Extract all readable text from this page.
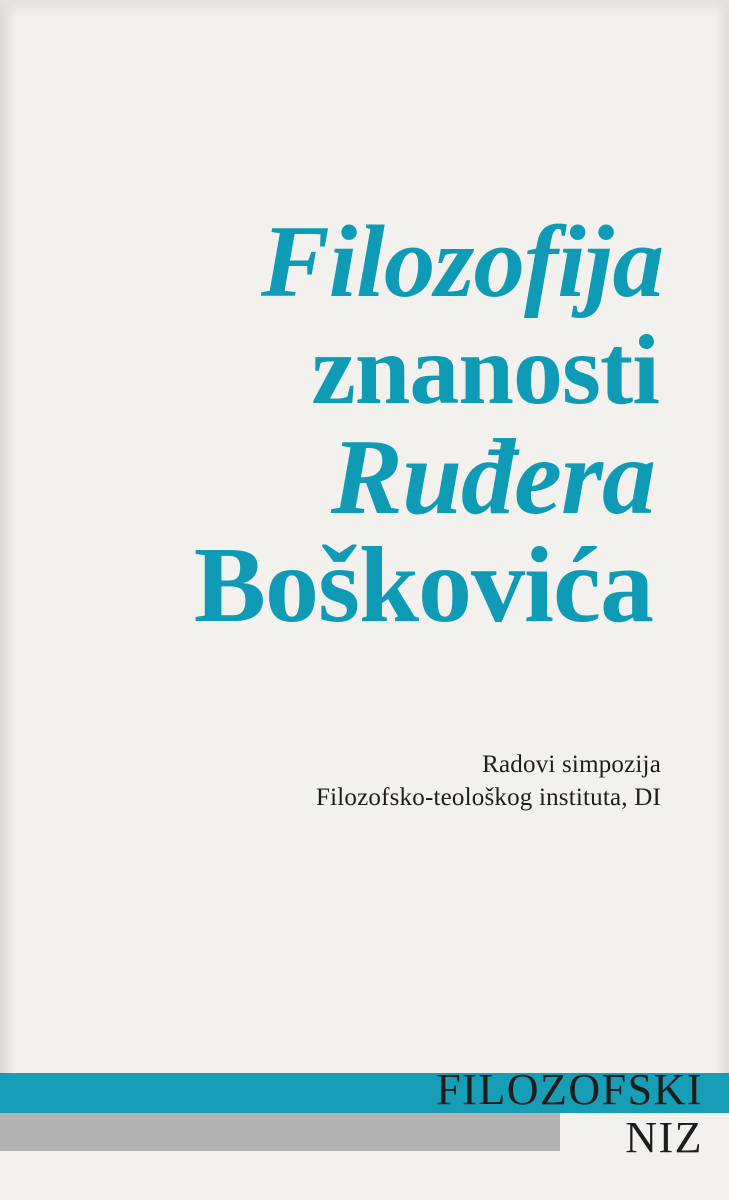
Filozofija
znanosti
Ruđera
Boškovića
Radovi simpozija
Filozofsko-teološkog instituta, DI
FILOZOFSKI
NIZ
